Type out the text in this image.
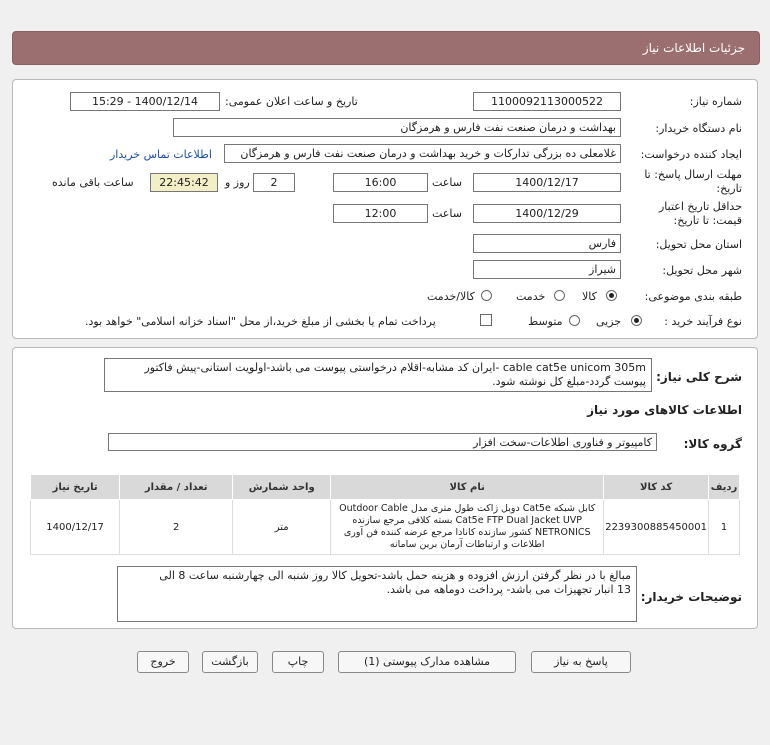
جزئیات اطلاعات نیاز
شماره نیاز:
1100092113000522
تاریخ و ساعت اعلان عمومی:
1400/12/14 - 15:29
نام دستگاه خریدار:
بهداشت و درمان صنعت نفت فارس و هرمزگان
ایجاد کننده درخواست:
غلامعلی ده بزرگی تدارکات و خرید بهداشت و درمان صنعت نفت فارس و هرمزگان
اطلاعات تماس خریدار
مهلت ارسال پاسخ: تا
تاریخ:
1400/12/17
ساعت
16:00
2
روز و
22:45:42
ساعت باقی مانده
حداقل تاریخ اعتبار
قیمت: تا تاریخ:
1400/12/29
ساعت
12:00
استان محل تحویل:
فارس
شهر محل تحویل:
شیراز
طبقه بندی موضوعی:
کالا
خدمت
کالا/خدمت
نوع فرآیند خرید :
جزیی
متوسط
پرداخت تمام یا بخشی از مبلغ خرید،از محل "اسناد خزانه اسلامی" خواهد بود.
شرح کلی نیاز:
cable cat5e unicom 305m -ایران کد مشابه-اقلام درخواستی پیوست می باشد-اولویت استانی-پیش فاکتور
پیوست گردد-مبلغ کل نوشته شود.
اطلاعات کالاهای مورد نیاز
گروه کالا:
کامپیوتر و فناوری اطلاعات-سخت افزار
ردیف	کد کالا	نام کالا	واحد شمارش	تعداد / مقدار	تاریخ نیاز
1	2239300885450001	کابل شبکه Cat5e دوبل ژاکت طول متری مدل Outdoor Cable
Cat5e FTP Dual Jacket UVP بسته کلافی مرجع سازنده
NETRONICS کشور سازنده کانادا مرجع عرضه کننده فن آوری
اطلاعات و ارتباطات آرمان برین سامانه	متر	2	1400/12/17
توضیحات خریدار:
مبالغ با در نظر گرفتن ارزش افزوده و هزینه حمل باشد-تحویل کالا روز شنبه الی چهارشنبه ساعت 8 الی
13 انبار تجهیزات می باشد- پرداخت دوماهه می باشد.
پاسخ به نیاز
مشاهده مدارک پیوستی (1)
چاپ
بازگشت
خروج
